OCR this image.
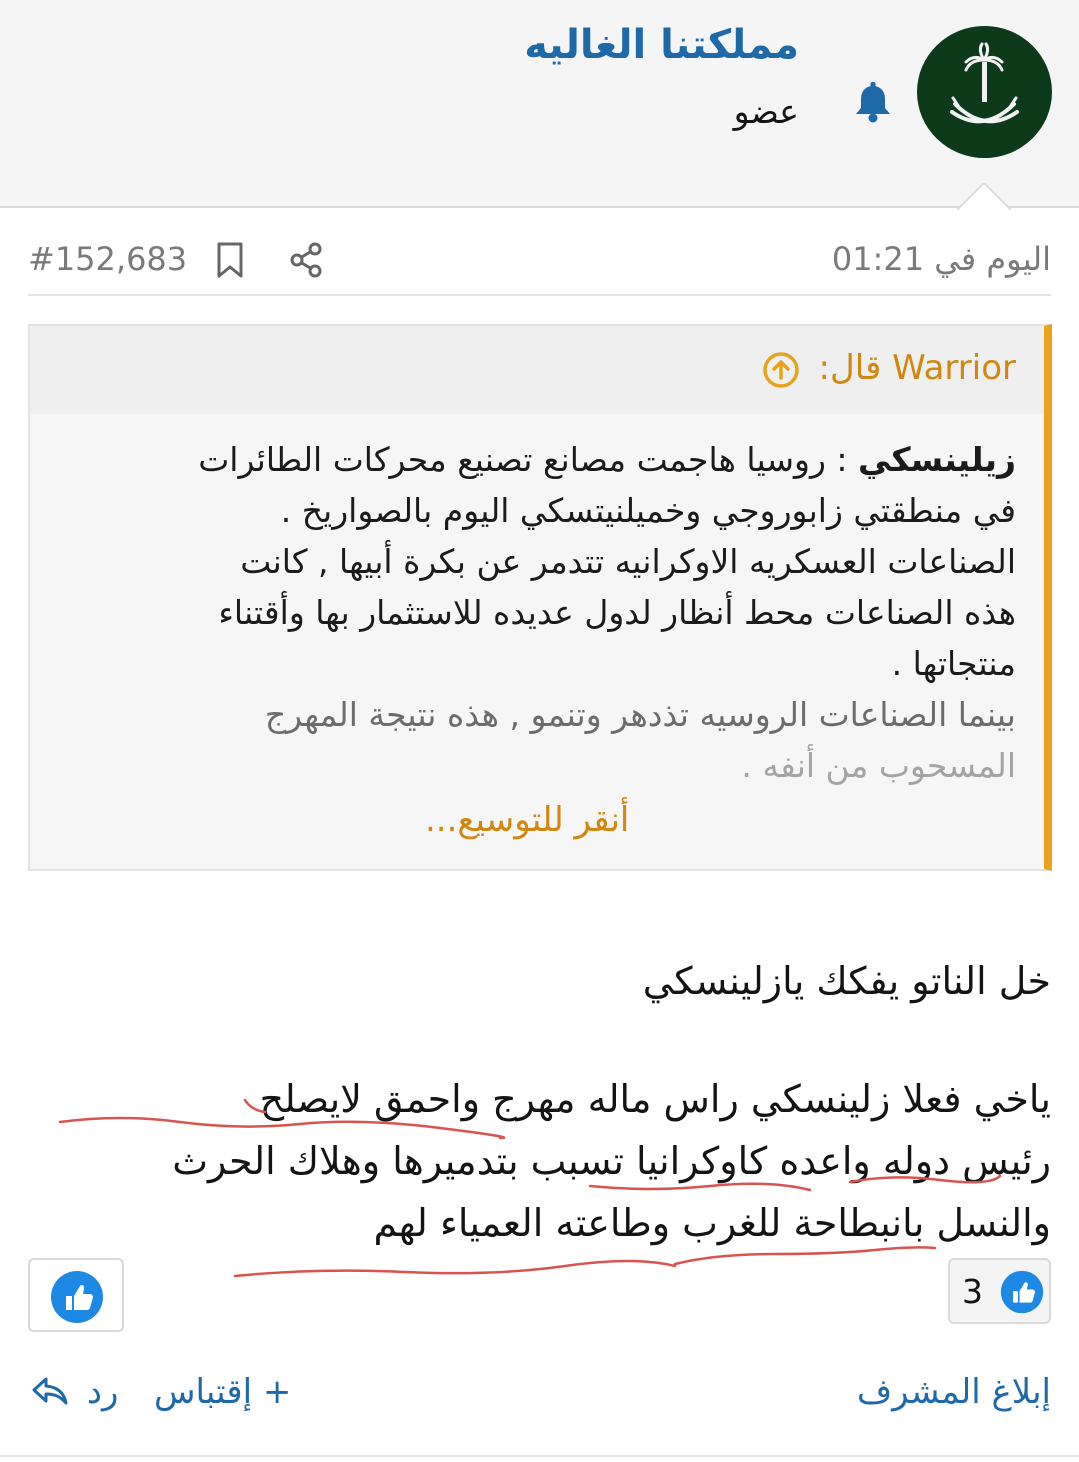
مملكتنا الغاليه
عضو
اليوم في 01:21
#152,683
Warrior قال:
زيلينسكي : روسيا هاجمت مصانع تصنيع محركات الطائرات
في منطقتي زابوروجي وخميلنيتسكي اليوم بالصواريخ .
الصناعات العسكريه الاوكرانيه تتدمر عن بكرة أبيها , كانت
هذه الصناعات محط أنظار لدول عديده للاستثمار بها وأقتناء
منتجاتها .
بينما الصناعات الروسيه تذدهر وتنمو , هذه نتيجة المهرج
المسحوب من أنفه .
أنقر للتوسيع...
خل الناتو يفكك يازلينسكي
ياخي فعلا زلينسكي راس ماله مهرج واحمق لايصلح
رئيس دوله واعده كاوكرانيا تسبب بتدميرها وهلاك الحرث
والنسل بانبطاحة للغرب وطاعته العمياء لهم
3
إبلاغ المشرف
+ إقتباس
رد
